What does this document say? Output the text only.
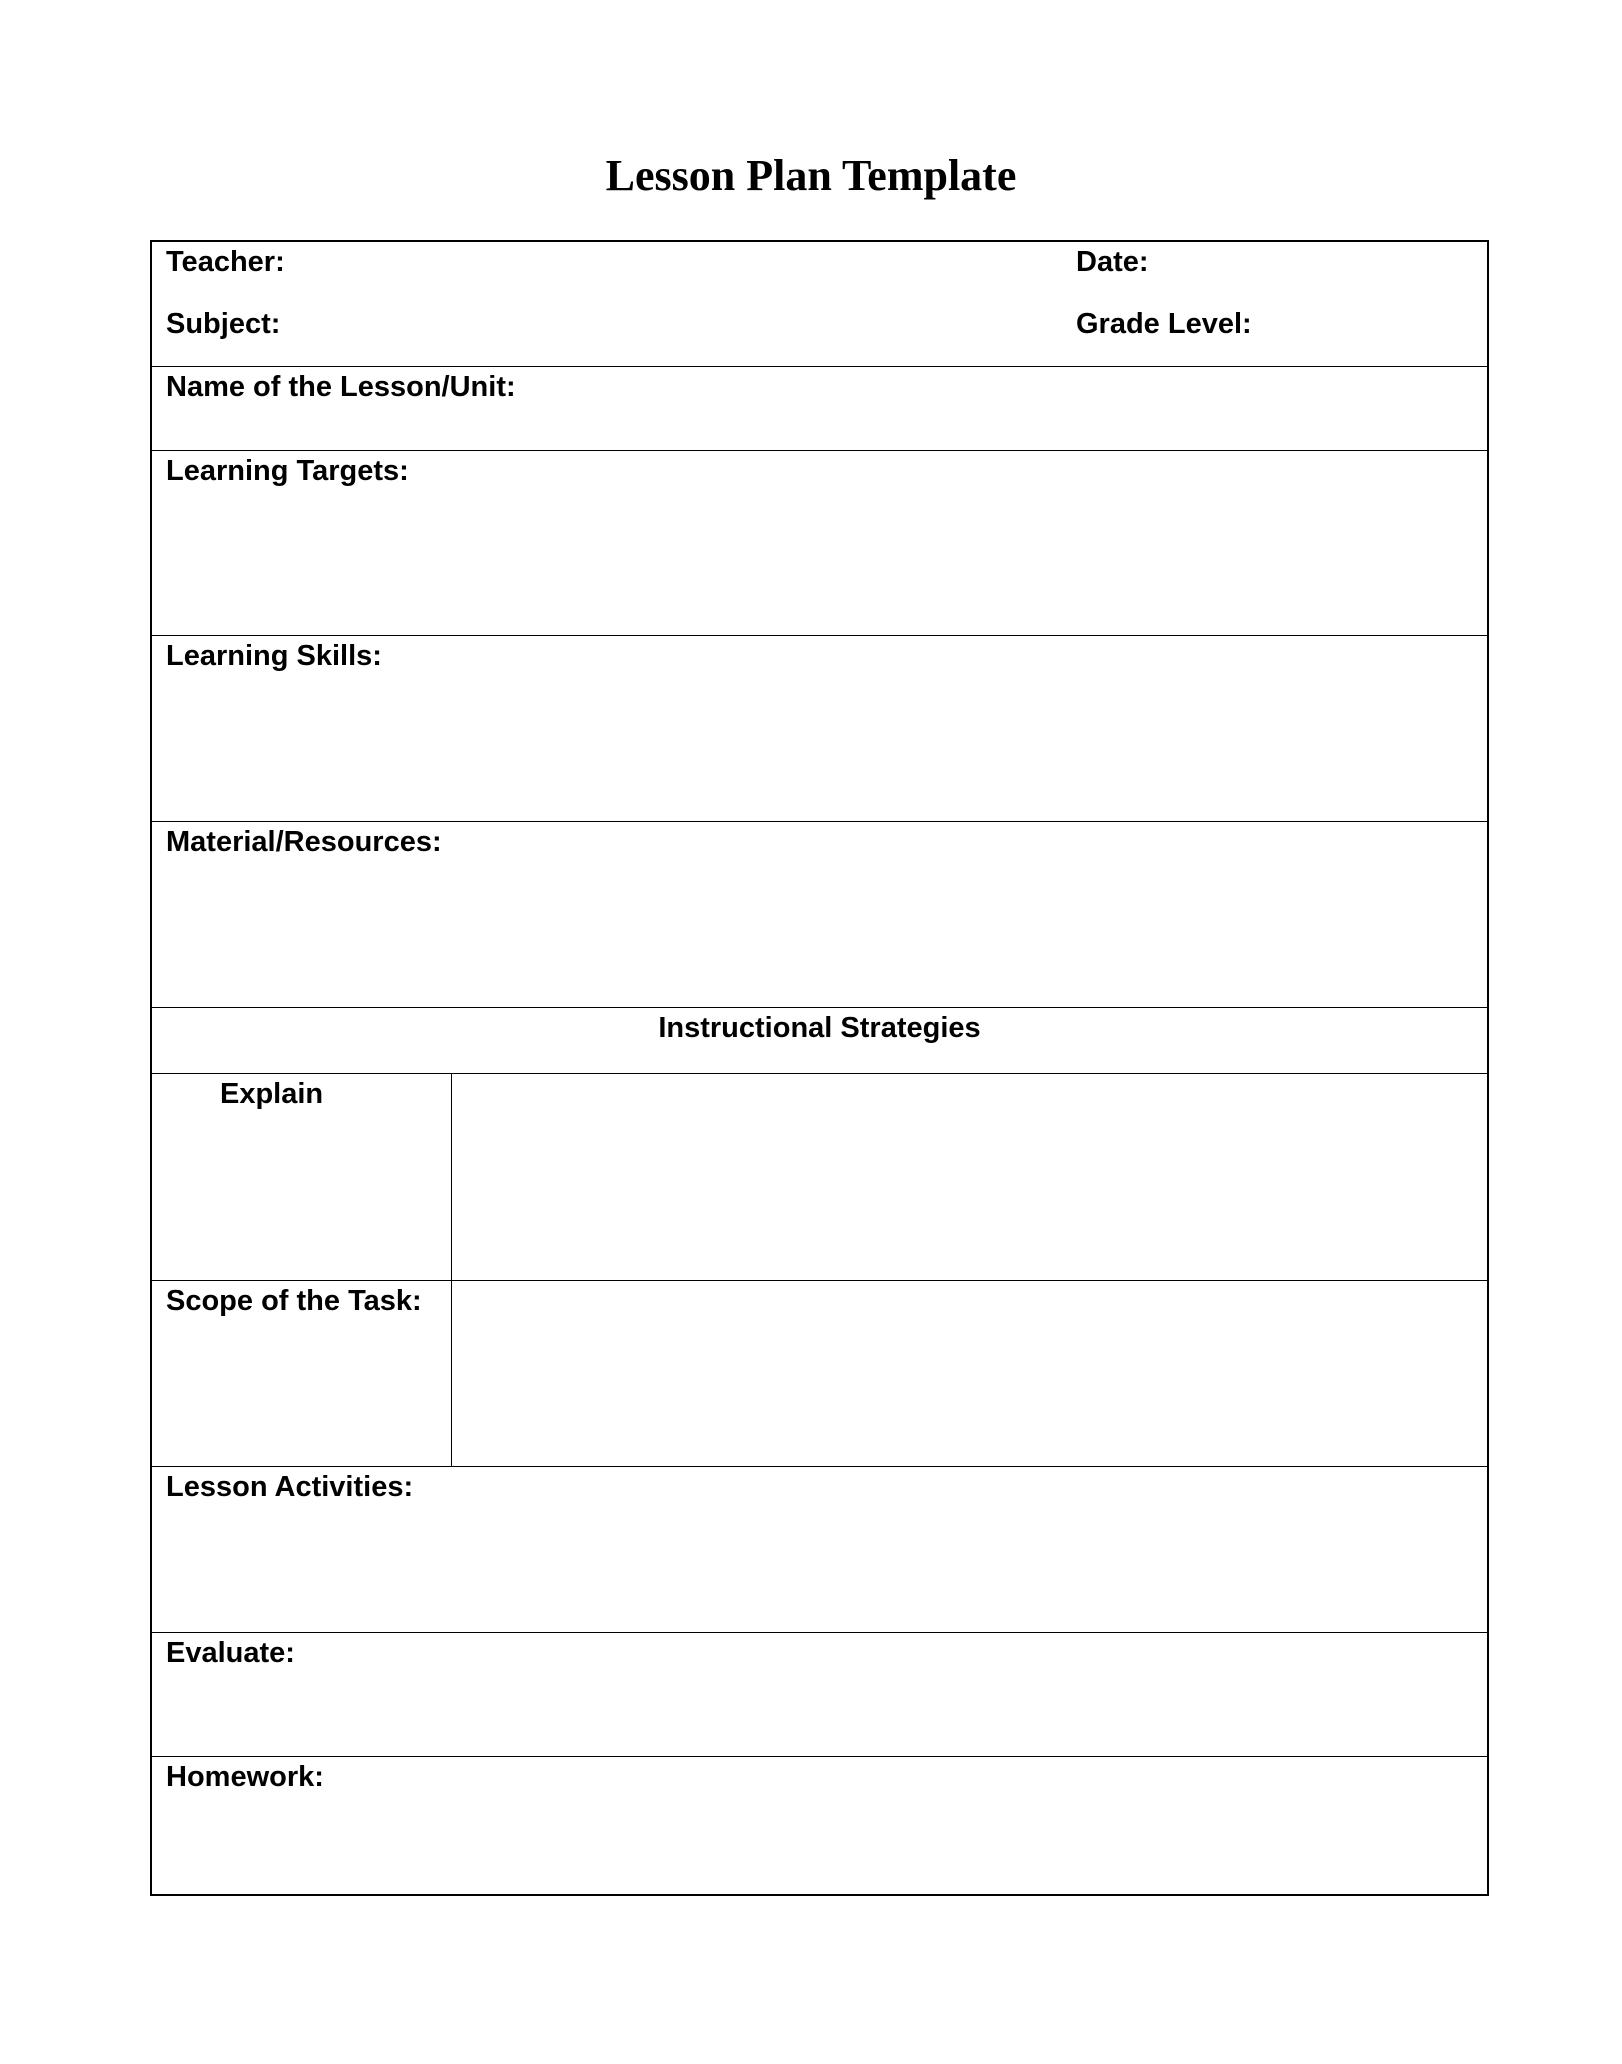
Lesson Plan Template
Teacher:	Date:
Subject:	Grade Level:
Name of the Lesson/Unit:
Learning Targets:
Learning Skills:
Material/Resources:
Instructional Strategies
Explain
Scope of the Task:
Lesson Activities:
Evaluate:
Homework:
